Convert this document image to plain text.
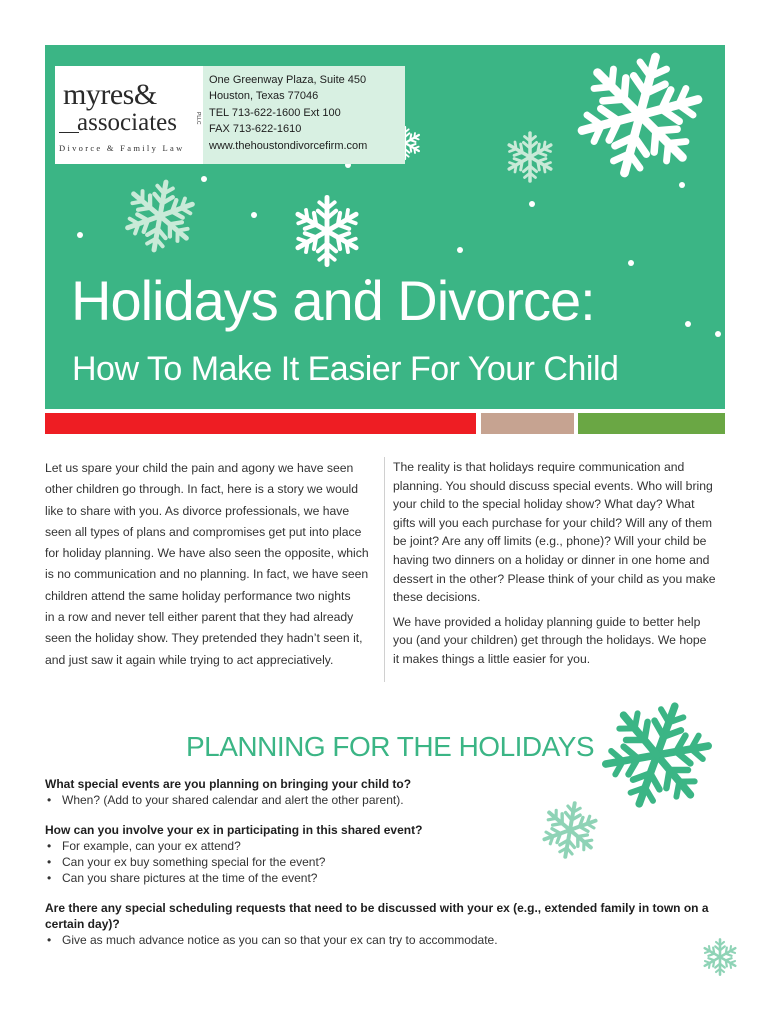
myres&
associates	PLLC
Divorce & Family Law
One Greenway Plaza, Suite 450
Houston, Texas 77046
TEL 713-622-1600 Ext 100
FAX 713-622-1610
www.thehoustondivorcefirm.com
Holidays and Divorce:
How To Make It Easier For Your Child
Let us spare your child the pain and agony we have seen
other children go through. In fact, here is a story we would
like to share with you. As divorce professionals, we have
seen all types of plans and compromises get put into place
for holiday planning. We have also seen the opposite, which
is no communication and no planning. In fact, we have seen
children attend the same holiday performance two nights
in a row and never tell either parent that they had already
seen the holiday show. They pretended they hadn’t seen it,
and just saw it again while trying to act appreciatively.

The reality is that holidays require communication and
planning. You should discuss special events. Who will bring
your child to the special holiday show? What day? What
gifts will you each purchase for your child? Will any of them
be joint? Are any off limits (e.g., phone)? Will your child be
having two dinners on a holiday or dinner in one home and
dessert in the other? Please think of your child as you make
these decisions.

We have provided a holiday planning guide to better help
you (and your children) get through the holidays. We hope
it makes things a little easier for you.

PLANNING FOR THE HOLIDAYS
What special events are you planning on bringing your child to?
• When? (Add to your shared calendar and alert the other parent).
How can you involve your ex in participating in this shared event?
• For example, can your ex attend?
• Can your ex buy something special for the event?
• Can you share pictures at the time of the event?
Are there any special scheduling requests that need to be discussed with your ex (e.g., extended family in town on a certain day)?
• Give as much advance notice as you can so that your ex can try to accommodate.
